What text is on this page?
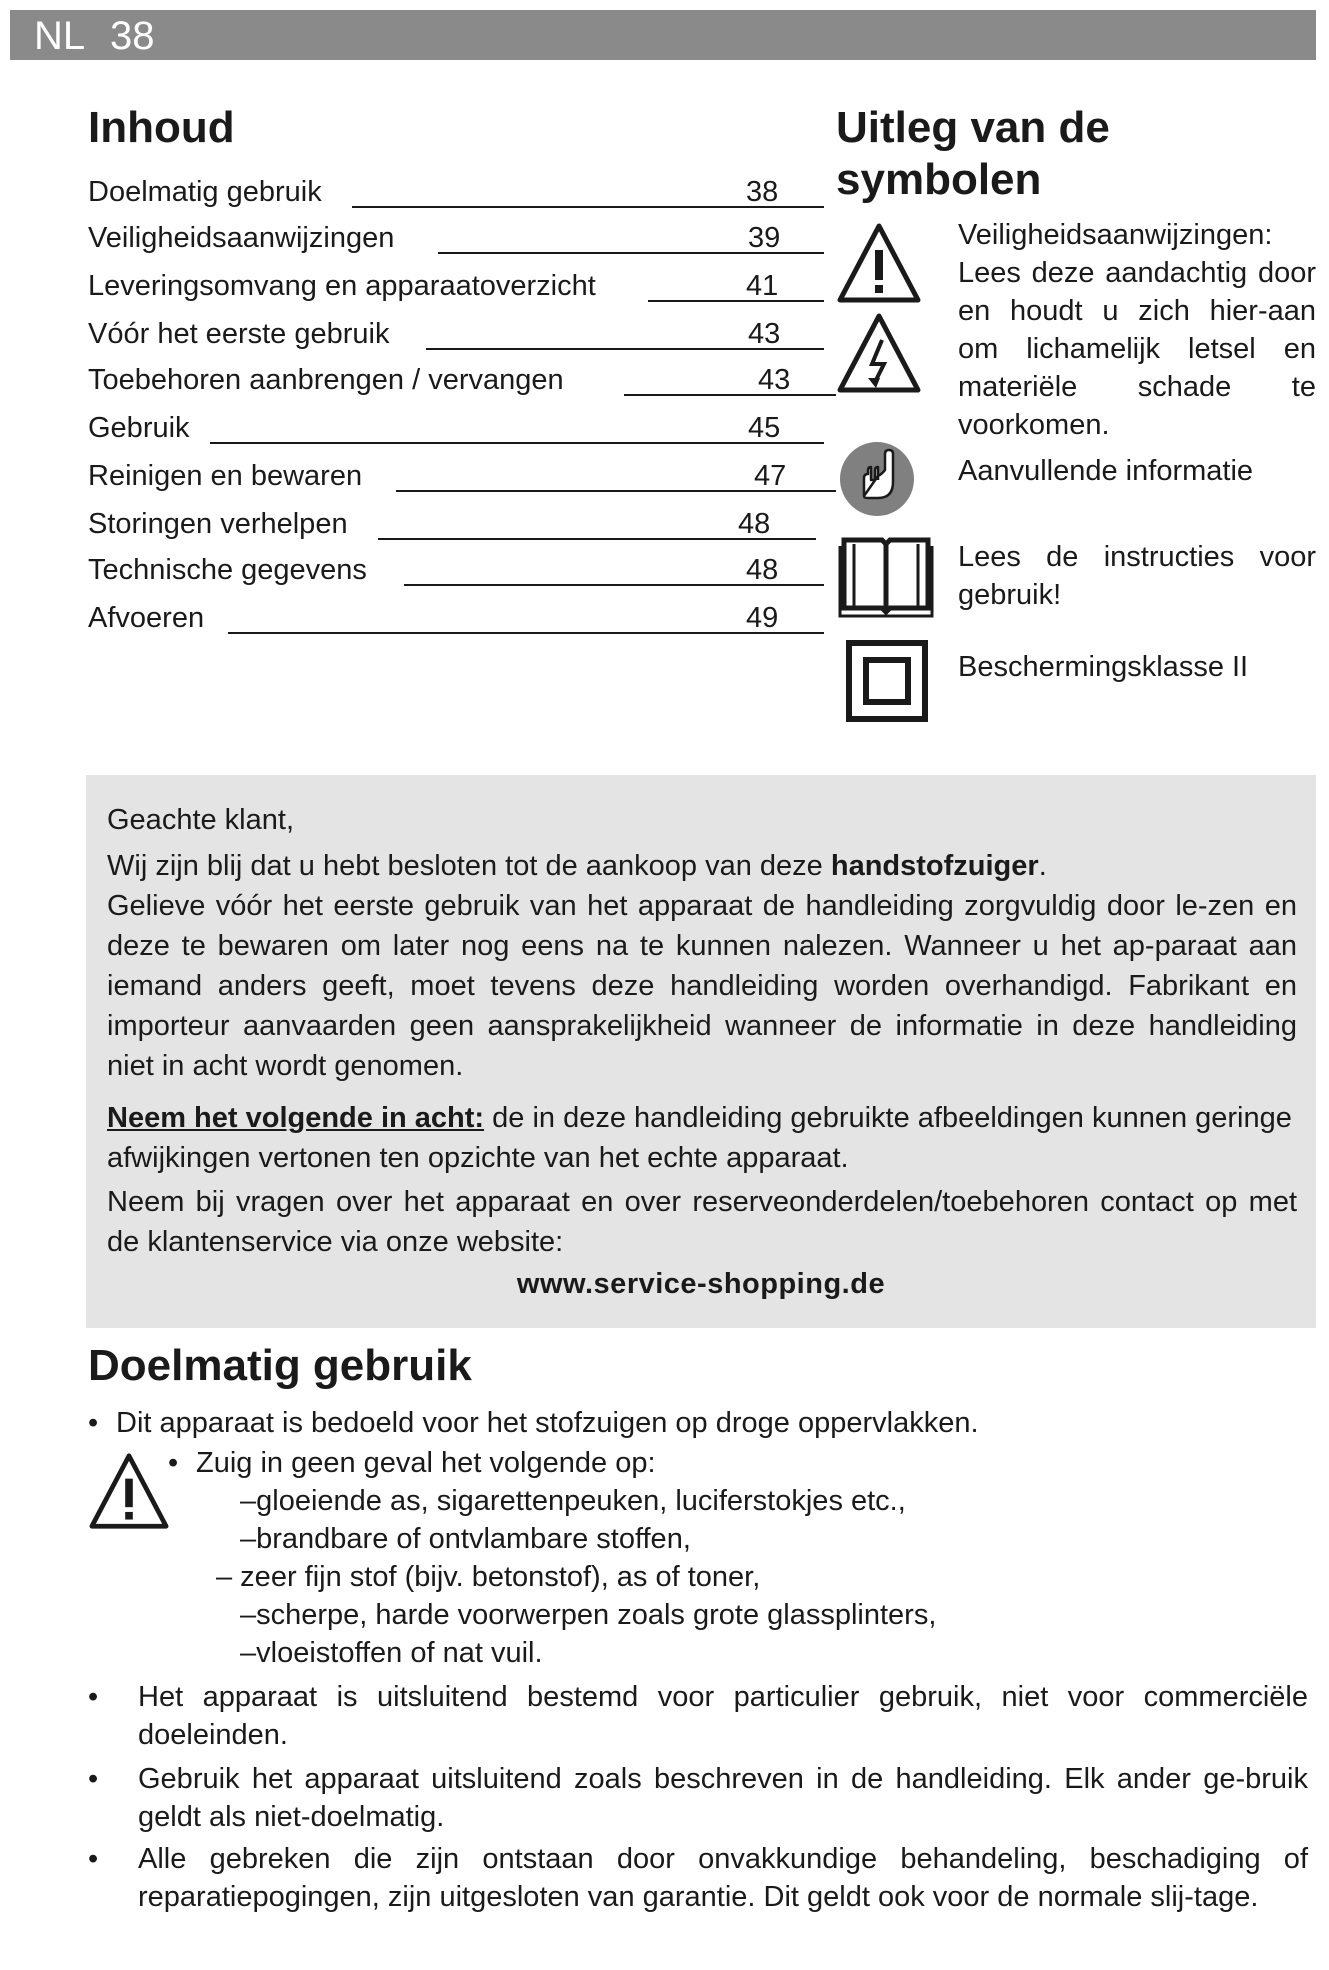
NL 38
Inhoud
Doelmatig gebruik	38
Veiligheidsaanwijzingen	39
Leveringsomvang en apparaatoverzicht	41
Vóór het eerste gebruik	43
Toebehoren aanbrengen / vervangen	43
Gebruik	45
Reinigen en bewaren	47
Storingen verhelpen	48
Technische gegevens	48
Afvoeren	49
Uitleg van de
symbolen
Veiligheidsaanwijzingen: Lees deze aandachtig door en houdt u zich hier-aan om lichamelijk letsel en materiële schade te voorkomen.
Aanvullende informatie
Lees de instructies voor gebruik!
Beschermingsklasse II
Geachte klant,
Wij zijn blij dat u hebt besloten tot de aankoop van deze handstofzuiger.
Gelieve vóór het eerste gebruik van het apparaat de handleiding zorgvuldig door le-zen en deze te bewaren om later nog eens na te kunnen nalezen. Wanneer u het ap-paraat aan iemand anders geeft, moet tevens deze handleiding worden overhandigd. Fabrikant en importeur aanvaarden geen aansprakelijkheid wanneer de informatie in deze handleiding niet in acht wordt genomen.
Neem het volgende in acht: de in deze handleiding gebruikte afbeeldingen kunnen geringe afwijkingen vertonen ten opzichte van het echte apparaat.
Neem bij vragen over het apparaat en over reserveonderdelen/toebehoren contact op met de klantenservice via onze website:
www.service-shopping.de
Doelmatig gebruik
• Dit apparaat is bedoeld voor het stofzuigen op droge oppervlakken.
• Zuig in geen geval het volgende op:
–gloeiende as, sigarettenpeuken, luciferstokjes etc.,
–brandbare of ontvlambare stoffen,
– zeer fijn stof (bijv. betonstof), as of toner,
–scherpe, harde voorwerpen zoals grote glassplinters,
–vloeistoffen of nat vuil.
• Het apparaat is uitsluitend bestemd voor particulier gebruik, niet voor commerciële doeleinden.
• Gebruik het apparaat uitsluitend zoals beschreven in de handleiding. Elk ander ge-bruik geldt als niet-doelmatig.
• Alle gebreken die zijn ontstaan door onvakkundige behandeling, beschadiging of reparatiepogingen, zijn uitgesloten van garantie. Dit geldt ook voor de normale slij-tage.
